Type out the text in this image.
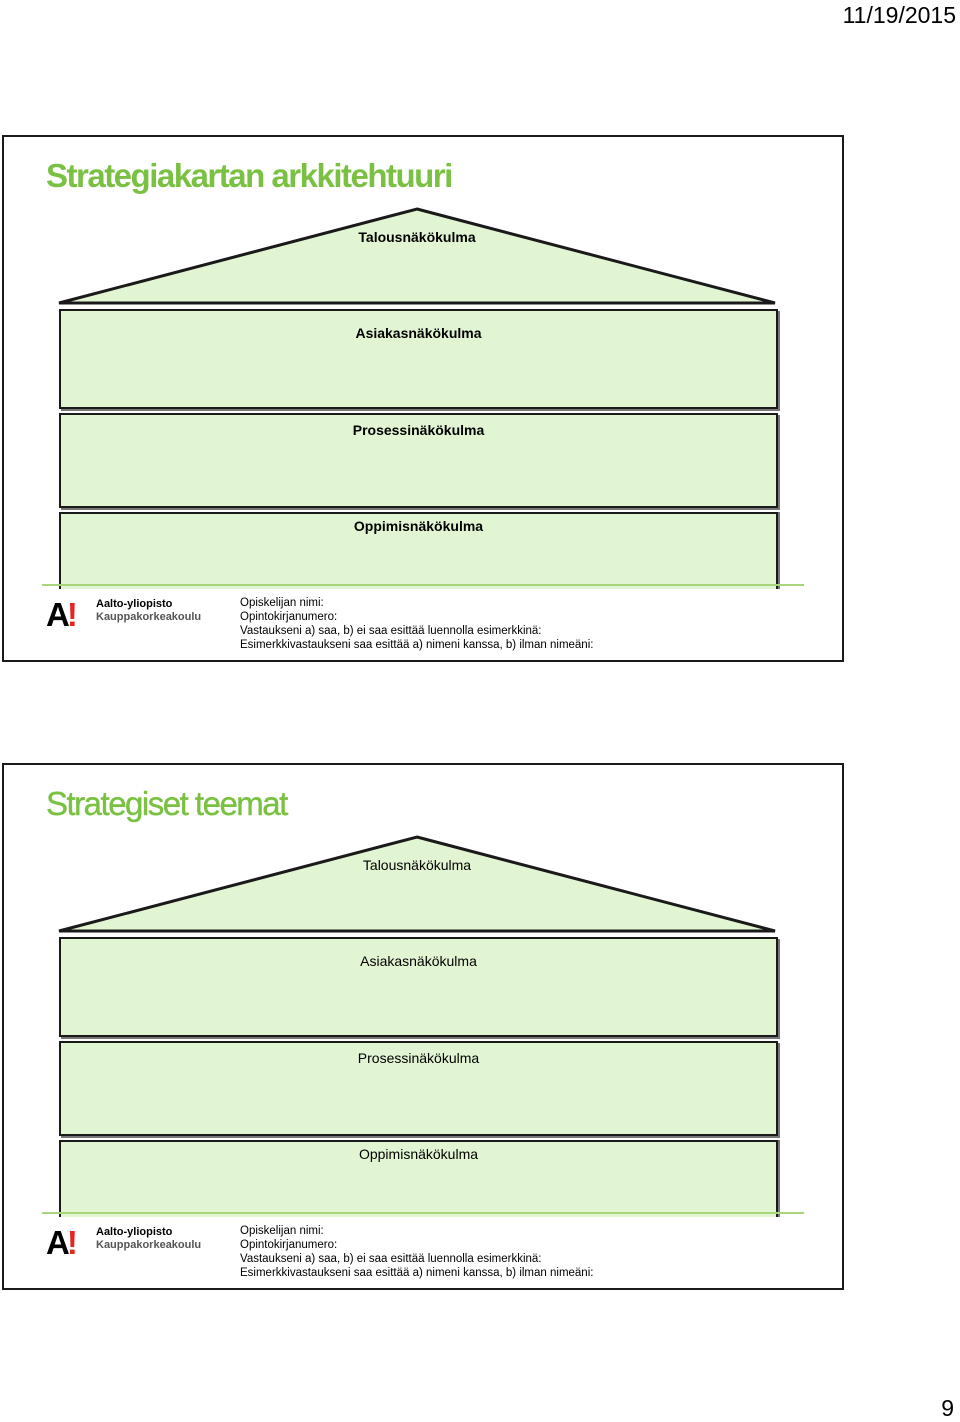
11/19/2015
Strategiakartan arkkitehtuuri
Talousnäkökulma
Asiakasnäkökulma
Prosessinäkökulma
Oppimisnäkökulma
A! Aalto-yliopisto
Kauppakorkeakoulu
Opiskelijan nimi:
Opintokirjanumero:
Vastaukseni a) saa, b) ei saa esittää luennolla esimerkkinä:
Esimerkkivastaukseni saa esittää a) nimeni kanssa, b) ilman nimeäni:
Strategiset teemat
Talousnäkökulma
Asiakasnäkökulma
Prosessinäkökulma
Oppimisnäkökulma
A! Aalto-yliopisto
Kauppakorkeakoulu
Opiskelijan nimi:
Opintokirjanumero:
Vastaukseni a) saa, b) ei saa esittää luennolla esimerkkinä:
Esimerkkivastaukseni saa esittää a) nimeni kanssa, b) ilman nimeäni:
9
